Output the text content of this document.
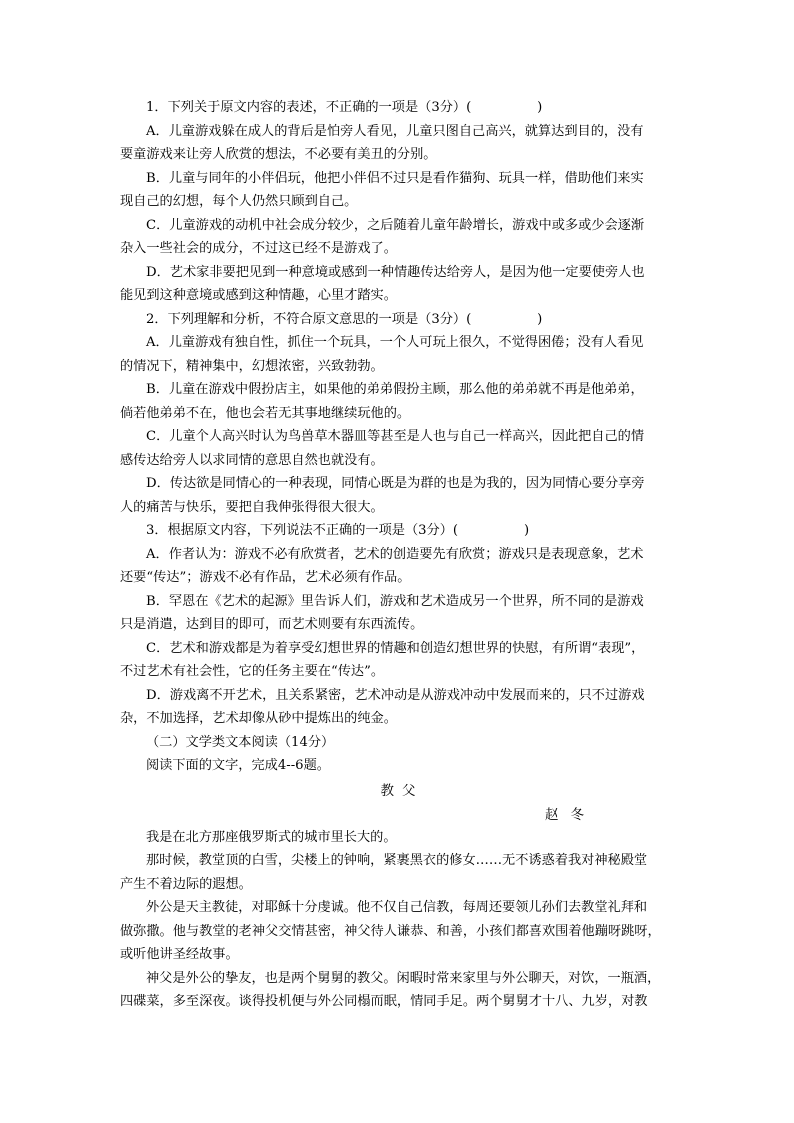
1．下列关于原文内容的表述，不正确的一项是（3分）(　　　　　)
A．儿童游戏躲在成人的背后是怕旁人看见，儿童只图自己高兴，就算达到目的，没有
要童游戏来让旁人欣赏的想法，不必要有美丑的分别。
B．儿童与同年的小伴侣玩，他把小伴侣不过只是看作猫狗、玩具一样，借助他们来实
现自己的幻想，每个人仍然只顾到自己。
C．儿童游戏的动机中社会成分较少，之后随着儿童年龄增长，游戏中或多或少会逐渐
杂入一些社会的成分，不过这已经不是游戏了。
D．艺术家非要把见到一种意境或感到一种情趣传达给旁人，是因为他一定要使旁人也
能见到这种意境或感到这种情趣，心里才踏实。
2．下列理解和分析，不符合原文意思的一项是（3分）(　　　　　)
A．儿童游戏有独自性，抓住一个玩具，一个人可玩上很久，不觉得困倦；没有人看见
的情况下，精神集中，幻想浓密，兴致勃勃。
B．儿童在游戏中假扮店主，如果他的弟弟假扮主顾，那么他的弟弟就不再是他弟弟，
倘若他弟弟不在，他也会若无其事地继续玩他的。
C．儿童个人高兴时认为鸟兽草木器皿等甚至是人也与自己一样高兴，因此把自己的情
感传达给旁人以求同情的意思自然也就没有。
D．传达欲是同情心的一种表现，同情心既是为群的也是为我的，因为同情心要分享旁
人的痛苦与快乐，要把自我伸张得很大很大。
3．根据原文内容，下列说法不正确的一项是（3分）(　　　　　)
A．作者认为：游戏不必有欣赏者，艺术的创造要先有欣赏；游戏只是表现意象，艺术
还要“传达”；游戏不必有作品，艺术必须有作品。
B．罕恩在《艺术的起源》里告诉人们，游戏和艺术造成另一个世界，所不同的是游戏
只是消遣，达到目的即可，而艺术则要有东西流传。
C．艺术和游戏都是为着享受幻想世界的情趣和创造幻想世界的快慰，有所谓“表现”，
不过艺术有社会性，它的任务主要在“传达”。
D．游戏离不开艺术，且关系紧密，艺术冲动是从游戏冲动中发展而来的，只不过游戏
杂，不加选择，艺术却像从砂中提炼出的纯金。
（二）文学类文本阅读（14分）
阅读下面的文字，完成4--6题。
教父
赵冬
我是在北方那座俄罗斯式的城市里长大的。
那时候，教堂顶的白雪，尖楼上的钟响，紧裹黑衣的修女……无不诱惑着我对神秘殿堂
产生不着边际的遐想。
外公是天主教徒，对耶稣十分虔诚。他不仅自己信教，每周还要领儿孙们去教堂礼拜和
做弥撒。他与教堂的老神父交情甚密，神父待人谦恭、和善，小孩们都喜欢围着他蹦呀跳呀，
或听他讲圣经故事。
神父是外公的挚友，也是两个舅舅的教父。闲暇时常来家里与外公聊天，对饮，一瓶酒，
四碟菜，多至深夜。谈得投机便与外公同榻而眠，情同手足。两个舅舅才十八、九岁，对教
